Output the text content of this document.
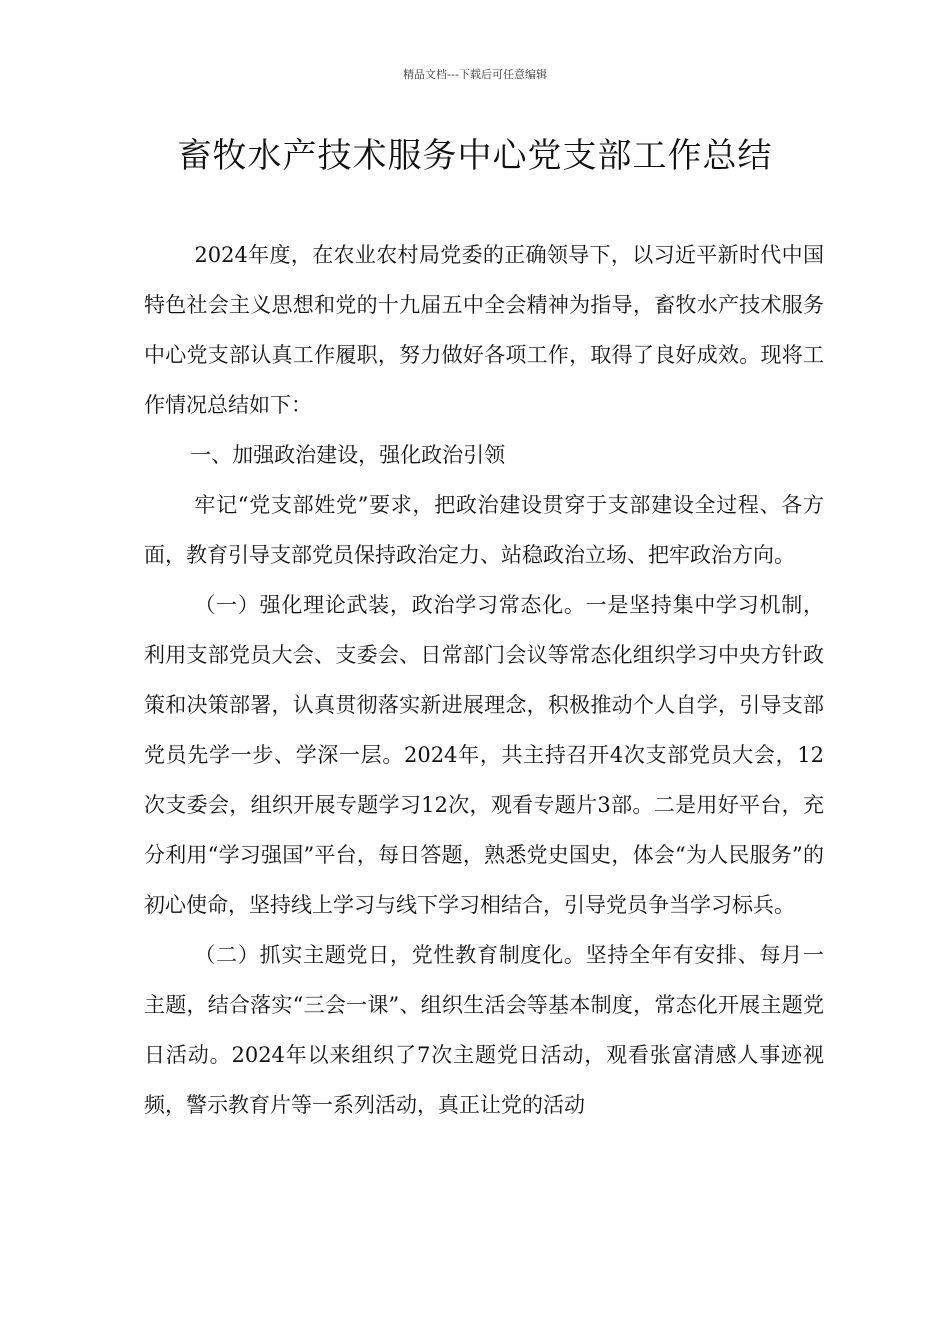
精品文档---下载后可任意编辑
畜牧水产技术服务中心党支部工作总结

2024年度，在农业农村局党委的正确领导下，以习近平新时代中国特色社会主义思想和党的十九届五中全会精神为指导，畜牧水产技术服务中心党支部认真工作履职，努力做好各项工作，取得了良好成效。现将工作情况总结如下：

一、加强政治建设，强化政治引领

牢记“党支部姓党”要求，把政治建设贯穿于支部建设全过程、各方面，教育引导支部党员保持政治定力、站稳政治立场、把牢政治方向。

（一）强化理论武装，政治学习常态化。一是坚持集中学习机制，利用支部党员大会、支委会、日常部门会议等常态化组织学习中央方针政策和决策部署，认真贯彻落实新进展理念，积极推动个人自学，引导支部党员先学一步、学深一层。2024年，共主持召开4次支部党员大会，12次支委会，组织开展专题学习12次，观看专题片3部。二是用好平台，充分利用“学习强国”平台，每日答题，熟悉党史国史，体会“为人民服务”的初心使命，坚持线上学习与线下学习相结合，引导党员争当学习标兵。

（二）抓实主题党日，党性教育制度化。坚持全年有安排、每月一主题，结合落实“三会一课”、组织生活会等基本制度，常态化开展主题党日活动。2024年以来组织了7次主题党日活动，观看张富清感人事迹视频，警示教育片等一系列活动，真正让党的活动
